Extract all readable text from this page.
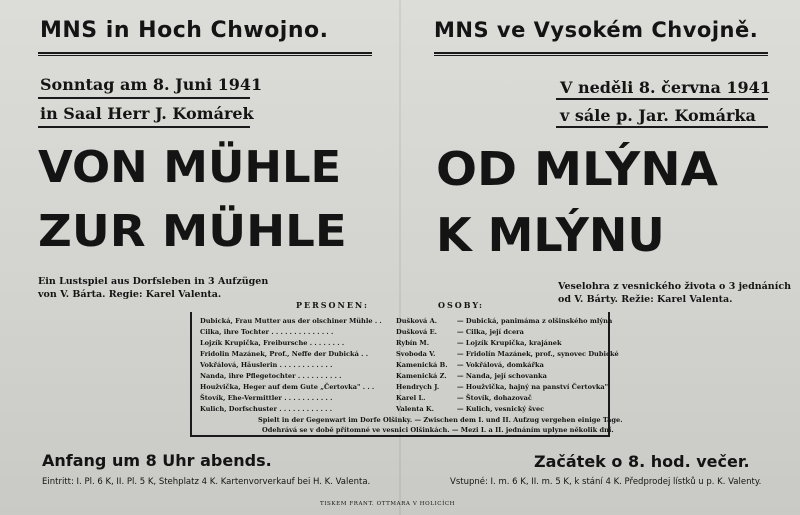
MNS in Hoch Chwojno.
Sonntag am 8. Juni 1941
in Saal Herr J. Komárek
VON MÜHLE
ZUR MÜHLE
Ein Lustspiel aus Dorfsleben in 3 Aufzügen
von V. Bárta. Regie: Karel Valenta.
Anfang um 8 Uhr abends.
Eintritt: I. Pl. 6 K, II. Pl. 5 K, Stehplatz 4 K. Kartenvorverkauf bei H. K. Valenta.
MNS ve Vysokém Chvojně.
V neděli 8. června 1941
v sále p. Jar. Komárka
OD MLÝNA
K MLÝNU
Veselohra z vesnického života o 3 jednáních
od V. Bárty. Režie: Karel Valenta.
Začátek o 8. hod. večer.
Vstupné: I. m. 6 K, II. m. 5 K, k stání 4 K. Předprodej lístků u p. K. Valenty.
PERSONEN:	OSOBY:
Dubická, Frau Mutter aus der olschiner Mühle . . Dušková A.	— Dubická, panimáma z olšinského mlýna
Cilka, ihre Tochter . . . . . . . . . . . . . .	Dušková E.	— Cilka, její dcera
Lojzík Krupička, Freibursche . . . . . . . .	Rybín M.	— Lojzík Krupička, krajánek
Fridolin Mazánek, Prof., Neffe der Dubická . .	Svoboda V.	— Fridolín Mazánek, prof., synovec Dubické
Vokřálová, Häuslerin . . . . . . . . . . . .	Kamenická B. — Vokřálová, domkářka
Nanda, ihre Pflegetochter . . . . . . . . . .	Kamenická Z. — Nanda, její schovanka
Houžvička, Heger auf dem Gute „Čertovka" . . .	Hendrych J.	— Houžvička, hajný na panství Čertovka"
Štovík, Ehe-Vermittler . . . . . . . . . . .	Karel L.	— Štovík, dohazovač
Kulich, Dorfschuster . . . . . . . . . . . .	Valenta K.	— Kulich, vesnický švec
Spielt in der Gegenwart im Dorfe Olšinky. — Zwischen dem I. und II. Aufzug vergehen einige Tage.
Odehrává se v době přítomné ve vesnici Olšinkách. — Mezi I. a II. jednáním uplyne několik dní.
TISKEM FRANT. OTTMARA V HOLICÍCH
